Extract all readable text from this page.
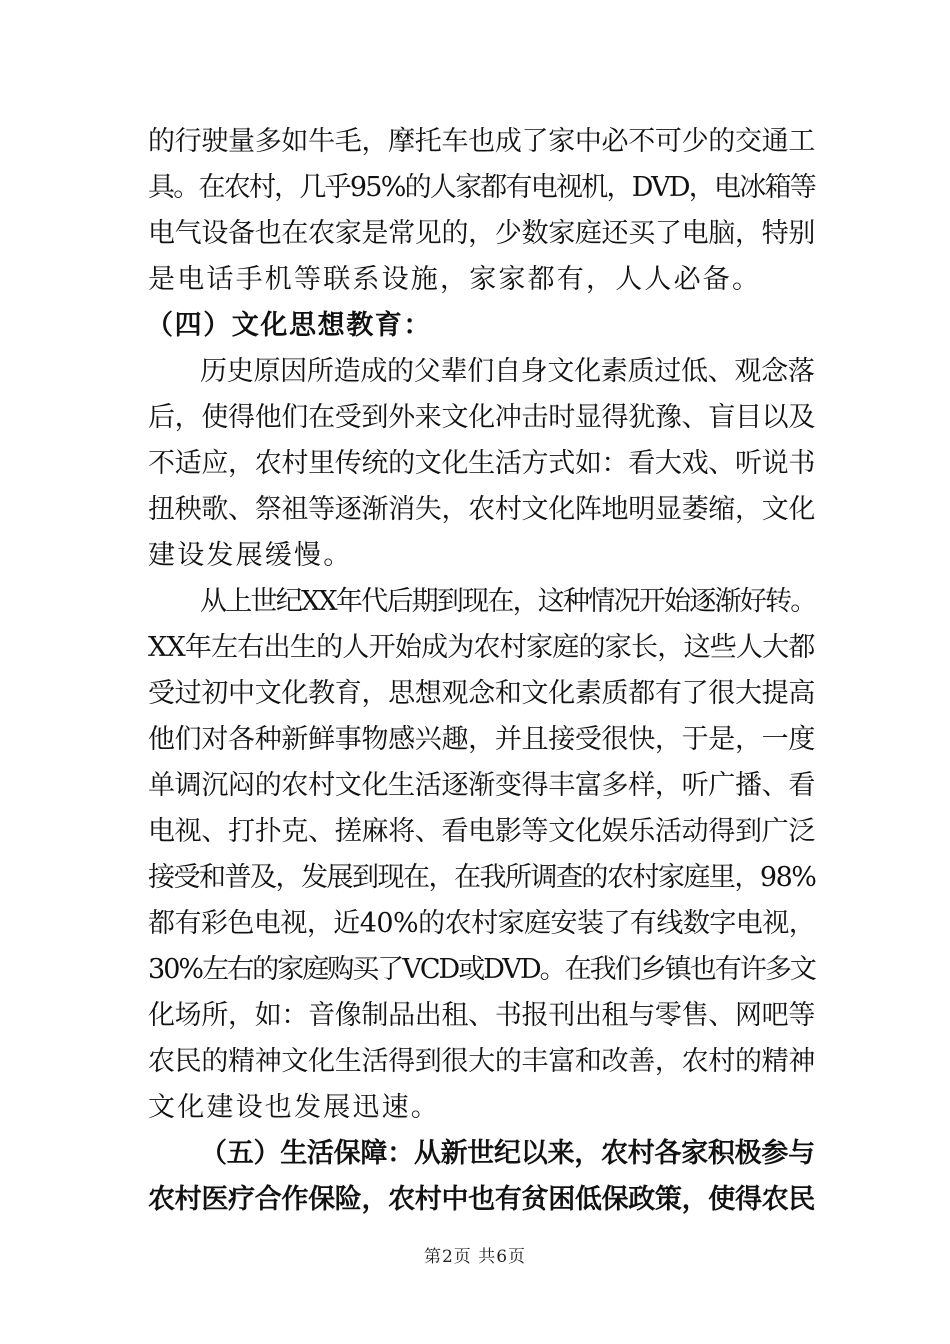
的行驶量多如牛毛，摩托车也成了家中必不可少的交通工
具。在农村，几乎95%的人家都有电视机，DVD，电冰箱等
电气设备也在农家是常见的，少数家庭还买了电脑，特别
是电话手机等联系设施，家家都有，人人必备。
（四）文化思想教育：
历史原因所造成的父辈们自身文化素质过低、观念落
后，使得他们在受到外来文化冲击时显得犹豫、盲目以及
不适应，农村里传统的文化生活方式如：看大戏、听说书
扭秧歌、祭祖等逐渐消失，农村文化阵地明显萎缩，文化
建设发展缓慢。
从上世纪XX年代后期到现在，这种情况开始逐渐好转。
XX年左右出生的人开始成为农村家庭的家长，这些人大都
受过初中文化教育，思想观念和文化素质都有了很大提高
他们对各种新鲜事物感兴趣，并且接受很快，于是，一度
单调沉闷的农村文化生活逐渐变得丰富多样，听广播、看
电视、打扑克、搓麻将、看电影等文化娱乐活动得到广泛
接受和普及，发展到现在，在我所调查的农村家庭里，98%
都有彩色电视，近40%的农村家庭安装了有线数字电视，
30%左右的家庭购买了VCD或DVD。在我们乡镇也有许多文
化场所，如：音像制品出租、书报刊出租与零售、网吧等
农民的精神文化生活得到很大的丰富和改善，农村的精神
文化建设也发展迅速。
（五）生活保障：从新世纪以来，农村各家积极参与
农村医疗合作保险，农村中也有贫困低保政策，使得农民
第2页 共6页
